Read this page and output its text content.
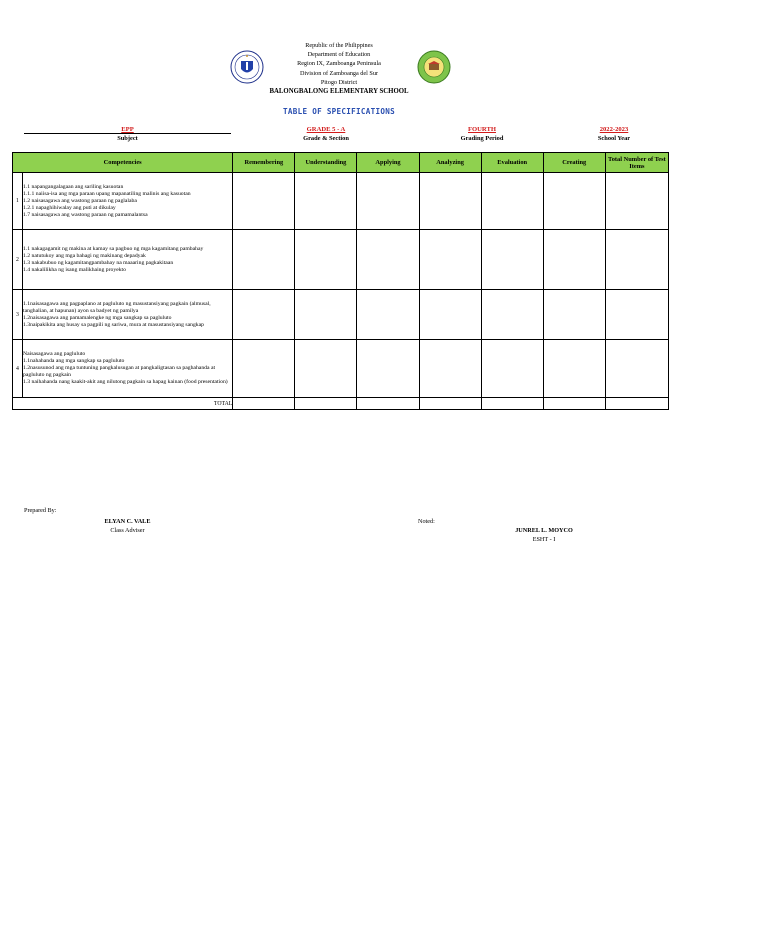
Republic of the Philippines
Department of Education
Region IX, Zamboanga Peninsula
Division of Zamboanga del Sur
Pitogo District
BALONGBALONG ELEMENTARY SCHOOL
TABLE OF SPECIFICATIONS
EPP
Subject
GRADE 5 - A
Grade & Section
FOURTH
Grading Period
2022-2023
School Year
Competencies		Remembering	Understanding	Applying	Analyzing	Evaluation	Creating	Total Number of Test Items
1	1.1 napangangalagaan ang sariling kasuotan
1.1.1 naiisa-isa ang mga paraan upang mapanatiling malinis ang kasuotan
1.2 naisasagawa ang wastong paraan ng paglalaba
1.2.1 napaghihiwalay ang puti at dikulay
1.7 naisasagawa ang wastong paraan ng pamamalantsa							

2	1.1 nakagagamit ng makina at kamay sa pagbuo ng mga kagamitang pambahay
1.2 natutukoy ang mga bahagi ng makinang depadyak
1.3 nakabubuo ng kagamitangpambahay na maaaring pagkakitaan
1.4 nakalilikha ng isang malikhaing proyekto							

3	1.1naisasagawa ang pagpaplano at pagluluto ng masustansiyang pagkain (almusal, tanghalian, at hapunan) ayon sa badyet ng pamilya
1.2naisasagawa ang pamamalengke ng mga sangkap sa pagluluto
1.3naipakikita ang husay sa pagpili ng sariwa, mura at masustansiyang sangkap							

4	Naisasagawa ang pagluluto
1.1nahahanda ang mga sangkap sa pagluluto
1.2nasusunod ang mga tuntuning pangkalusugan at pangkaligtasan sa paghahanda at pagluluto ng pagkain
1.3 naihahanda nang kaakit-akit ang nilutong pagkain sa hapag kainan (food presentation)							

TOTAL								
Prepared By:
ELYAN C. VALE
Class Adviser
Noted:
JUNREL L. MOYCO
ESHT - I
